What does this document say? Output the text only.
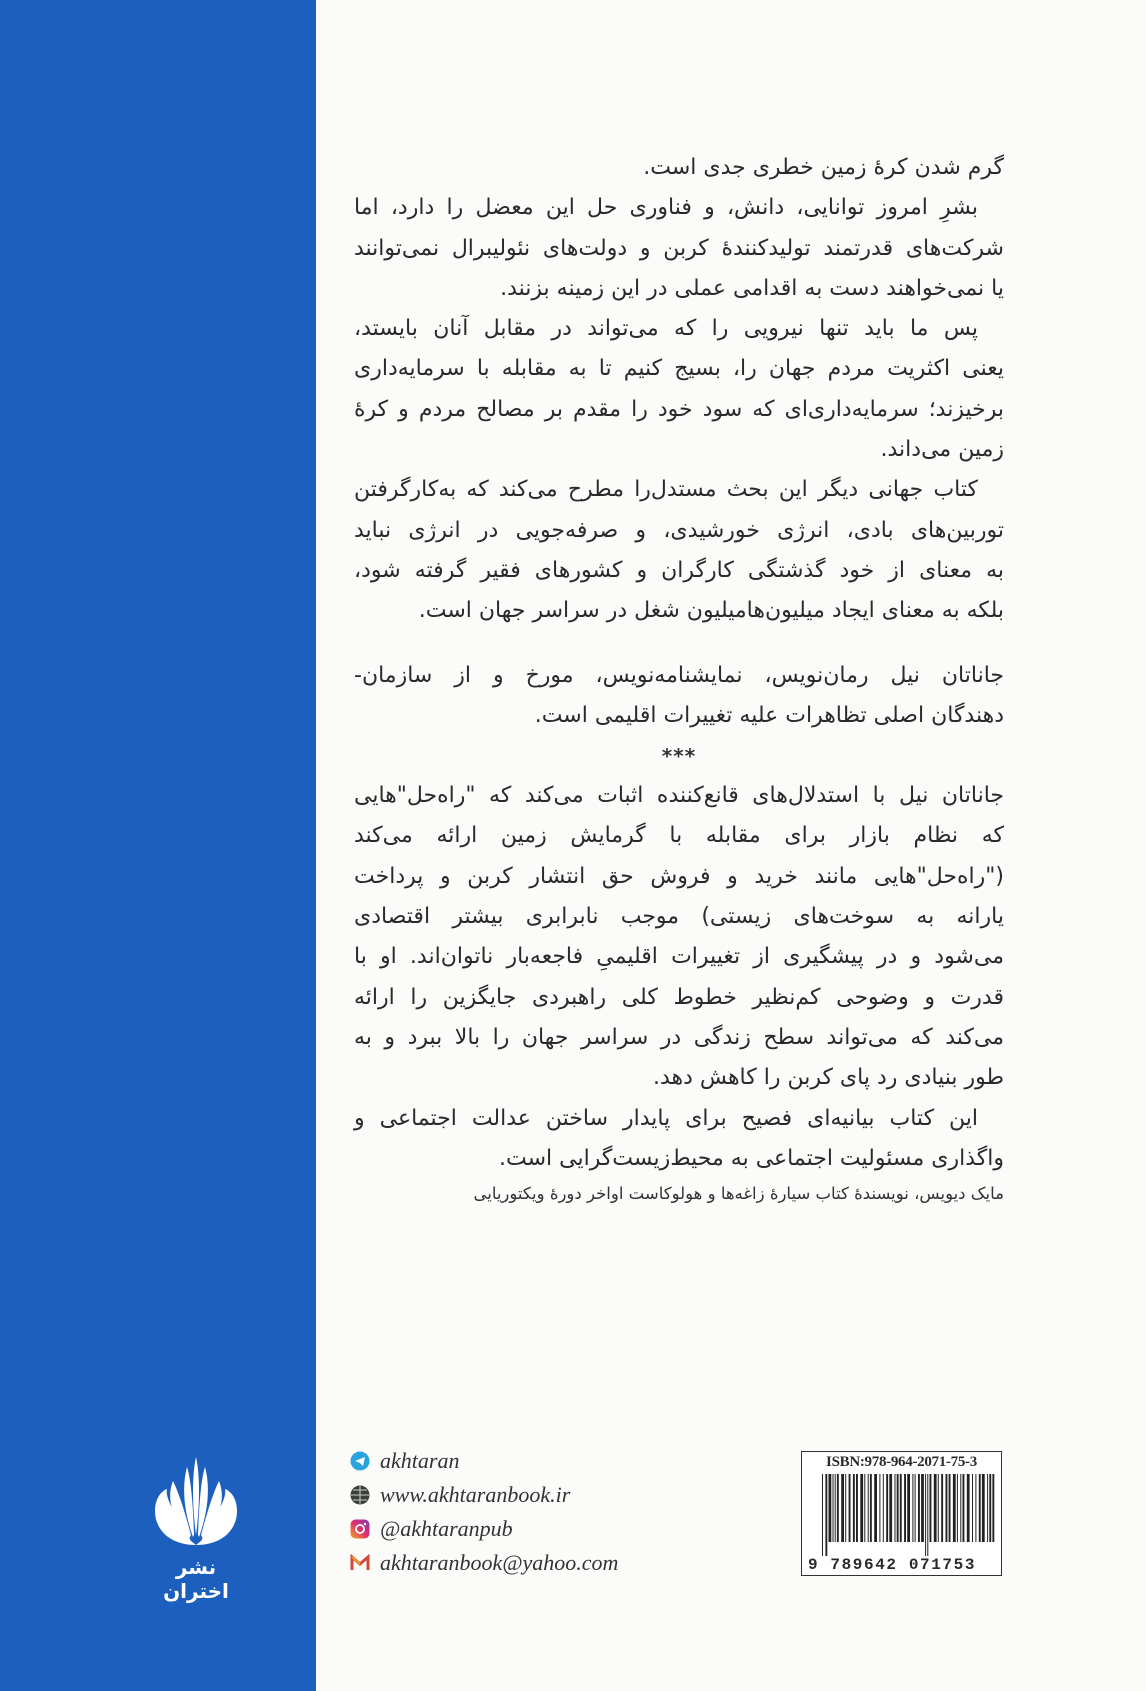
گرم شدن کرهٔ زمین خطری جدی است.
بشرِ امروز توانایی، دانش، و فناوری حل این معضل را دارد، اما
شرکت‌های قدرتمند تولیدکنندهٔ کربن و دولت‌های نئولیبرال نمی‌توانند
یا نمی‌خواهند دست به اقدامی عملی در این زمینه بزنند.
پس ما باید تنها نیرویی را که می‌تواند در مقابل آنان بایستد،
یعنی اکثریت مردم جهان را، بسیج کنیم تا به مقابله با سرمایه‌داری
برخیزند؛ سرمایه‌داری‌ای که سود خود را مقدم بر مصالح مردم و کرهٔ
زمین می‌داند.
کتاب جهانی دیگر این بحث مستدل‌را مطرح می‌کند که به‌کارگرفتن
توربین‌های بادی، انرژی خورشیدی، و صرفه‌جویی در انرژی نباید
به معنای از خود گذشتگی کارگران و کشورهای فقیر گرفته شود،
بلکه به معنای ایجاد میلیون‌هامیلیون شغل در سراسر جهان است.
جاناتان نیل رمان‌نویس، نمایشنامه‌نویس، مورخ و از سازمان-
دهندگان اصلی تظاهرات علیه تغییرات اقلیمی است.
***
جاناتان نیل با استدلال‌های قانع‌کننده اثبات می‌کند که "راه‌حل"هایی
که نظام بازار برای مقابله با گرمایش زمین ارائه می‌کند
("راه‌حل"هایی مانند خرید و فروش حق انتشار کربن و پرداخت
یارانه به سوخت‌های زیستی) موجب نابرابری بیشتر اقتصادی
می‌شود و در پیشگیری از تغییرات اقلیمیِ فاجعه‌بار ناتوان‌اند. او با
قدرت و وضوحی کم‌نظیر خطوط کلی راهبردی جایگزین را ارائه
می‌کند که می‌تواند سطح زندگی در سراسر جهان را بالا ببرد و به
طور بنیادی رد پای کربن را کاهش دهد.
این کتاب بیانیه‌ای فصیح برای پایدار ساختن عدالت اجتماعی و
واگذاری مسئولیت اجتماعی به محیط‌زیست‌گرایی است.
مایک دیویس، نویسندهٔ کتاب سیارهٔ زاغه‌ها و هولوکاست اواخر دورهٔ ویکتوریایی
نشر اختران
akhtaran
www.akhtaranbook.ir
@akhtaranpub
akhtaranbook@yahoo.com
ISBN:978-964-2071-75-3
9 789642 071753
